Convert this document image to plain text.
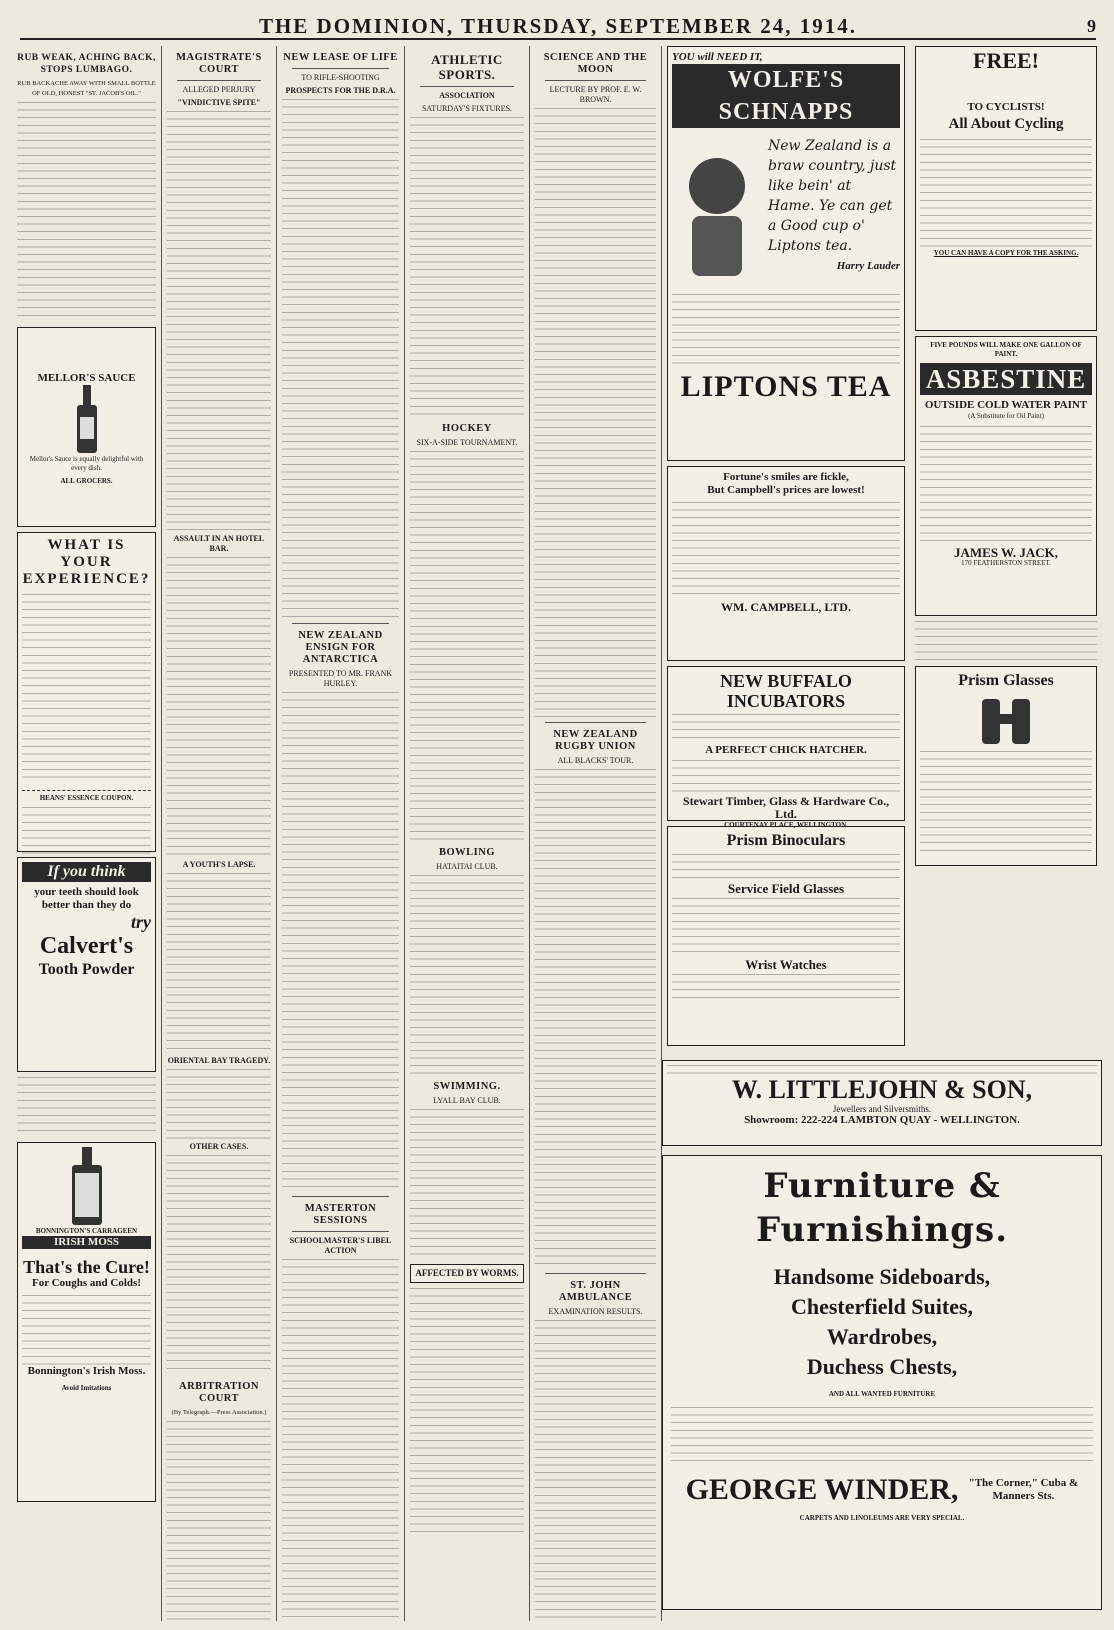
THE DOMINION, THURSDAY, SEPTEMBER 24, 1914.	9
RUB WEAK, ACHING BACK, STOPS LUMBAGO.
RUB BACKACHE AWAY WITH SMALL BOTTLE OF OLD, HONEST "ST. JACOB'S OIL."
MELLOR'S SAUCE
Mellor's Sauce is equally delightful with every dish.
ALL GROCERS.
WHAT IS YOUR EXPERIENCE?
HEANS' ESSENCE COUPON.
If you think
your teeth should look better than they do
try
Calvert's
Tooth Powder
BONNINGTON'S CARRAGEEN
IRISH MOSS
That's the Cure!
For Coughs and Colds!
Bonnington's Irish Moss.
Avoid Imitations
MAGISTRATE'S COURT
ALLEGED PERJURY
"VINDICTIVE SPITE"
ASSAULT IN AN HOTEL BAR.
A YOUTH'S LAPSE.
ORIENTAL BAY TRAGEDY.
OTHER CASES.
ARBITRATION COURT
(By Telegraph.—Press Association.)
NEW LEASE OF LIFE
TO RIFLE-SHOOTING
PROSPECTS FOR THE D.R.A.
NEW ZEALAND ENSIGN FOR ANTARCTICA
PRESENTED TO MR. FRANK HURLEY.
MASTERTON SESSIONS
SCHOOLMASTER'S LIBEL ACTION
ATHLETIC SPORTS.
ASSOCIATION
SATURDAY'S FIXTURES.
HOCKEY
SIX-A-SIDE TOURNAMENT.
BOWLING
HATAITAI CLUB.
SWIMMING.
LYALL BAY CLUB.
AFFECTED BY WORMS.
SCIENCE AND THE MOON
LECTURE BY PROF. E. W. BROWN.
NEW ZEALAND RUGBY UNION
ALL BLACKS' TOUR.
ST. JOHN AMBULANCE
EXAMINATION RESULTS.
YOU will NEED IT,
WOLFE'S SCHNAPPS
New Zealand is a braw country, just like bein' at Hame. Ye can get a Good cup o' Liptons tea.
Harry Lauder
LIPTONS TEA
Fortune's smiles are fickle,
But Campbell's prices are lowest!
WM. CAMPBELL, LTD.
NEW BUFFALO INCUBATORS
A PERFECT CHICK HATCHER.
Stewart Timber, Glass & Hardware Co., Ltd.
COURTENAY PLACE, WELLINGTON.
Prism Binoculars
Service Field Glasses
Wrist Watches
FREE!
TO CYCLISTS!
All About Cycling
YOU CAN HAVE A COPY FOR THE ASKING.
FIVE POUNDS WILL MAKE ONE GALLON OF PAINT.
ASBESTINE
OUTSIDE COLD WATER PAINT
(A Substitute for Oil Paint)
JAMES W. JACK,
170 FEATHERSTON STREET.
Prism Glasses
W. LITTLEJOHN & SON,
Jewellers and Silversmiths.
Showroom: 222-224 LAMBTON QUAY - WELLINGTON.
Furniture & Furnishings.
Handsome Sideboards,
Chesterfield Suites,
Wardrobes,
Duchess Chests,
AND ALL WANTED FURNITURE
GEORGE WINDER, "The Corner," Cuba & Manners Sts.
CARPETS AND LINOLEUMS ARE VERY SPECIAL.
